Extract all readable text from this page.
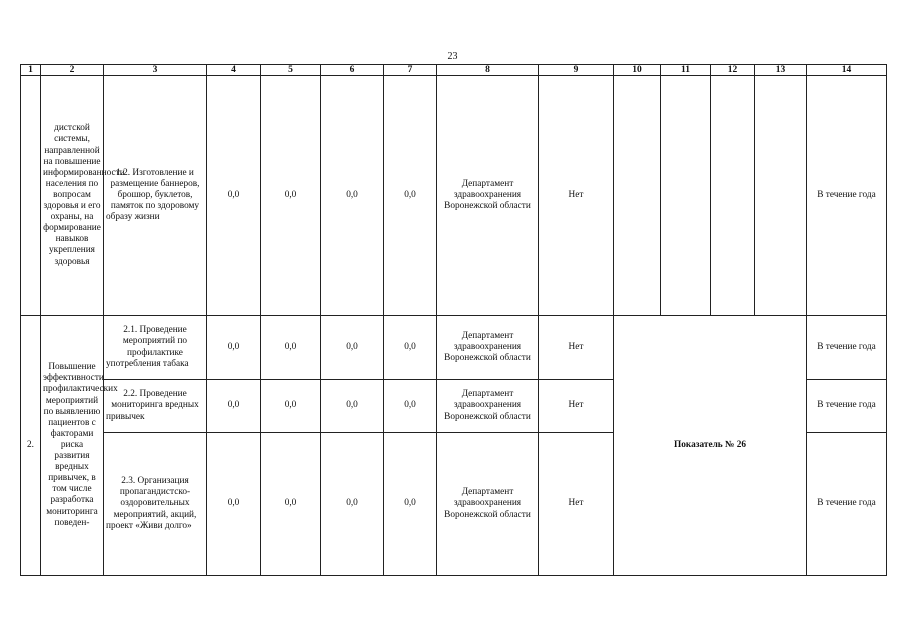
23
1	2	3	4	5	6	7	8	9	10	11	12	13	14
	дистской системы, направленной на повышение информированности населения по вопросам здоровья и его охраны, на формирование навыков укрепления здоровья	1.2. Изготовление и размещение баннеров, брошюр, буклетов, памяток по здоровому образу жизни	0,0	0,0	0,0	0,0	Департамент здравоохранения Воронежской области	Нет					В течение года
2.	Повышение эффективности профилактических мероприятий по выявлению пациентов с факторами риска развития вредных привычек, в том числе разработка мониторинга поведен-	2.1. Проведение мероприятий по профилактике употребления табака	0,0	0,0	0,0	0,0	Департамент здравоохранения Воронежской области	Нет	Показатель № 26				В течение года
		2.2. Проведение мониторинга вредных привычек	0,0	0,0	0,0	0,0	Департамент здравоохранения Воронежской области	Нет					В течение года
		2.3. Организация пропагандистско-оздоровительных мероприятий, акций, проект «Живи долго»	0,0	0,0	0,0	0,0	Департамент здравоохранения Воронежской области	Нет					В течение года
